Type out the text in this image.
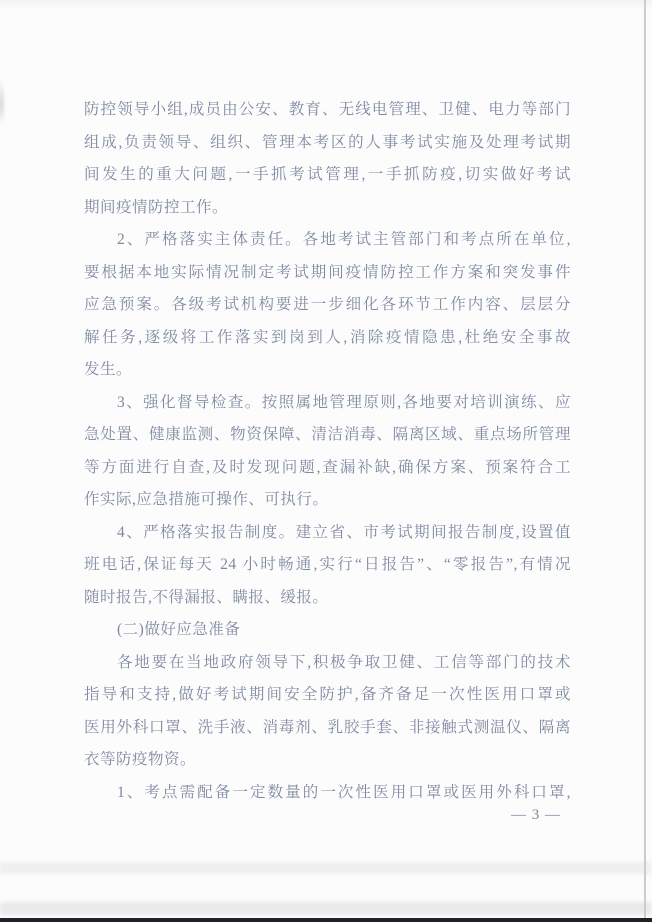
防控领导小组,成员由公安、教育、无线电管理、卫健、电力等部门
组成,负责领导、组织、管理本考区的人事考试实施及处理考试期
间发生的重大问题,一手抓考试管理,一手抓防疫,切实做好考试
期间疫情防控工作。
2、严格落实主体责任。各地考试主管部门和考点所在单位,
要根据本地实际情况制定考试期间疫情防控工作方案和突发事件
应急预案。各级考试机构要进一步细化各环节工作内容、层层分
解任务,逐级将工作落实到岗到人,消除疫情隐患,杜绝安全事故
发生。
3、强化督导检查。按照属地管理原则,各地要对培训演练、应
急处置、健康监测、物资保障、清洁消毒、隔离区域、重点场所管理
等方面进行自查,及时发现问题,查漏补缺,确保方案、预案符合工
作实际,应急措施可操作、可执行。
4、严格落实报告制度。建立省、市考试期间报告制度,设置值
班电话,保证每天 24 小时畅通,实行“日报告”、“零报告”,有情况
随时报告,不得漏报、瞒报、缓报。
(二)做好应急准备
各地要在当地政府领导下,积极争取卫健、工信等部门的技术
指导和支持,做好考试期间安全防护,备齐备足一次性医用口罩或
医用外科口罩、洗手液、消毒剂、乳胶手套、非接触式测温仪、隔离
衣等防疫物资。
1、考点需配备一定数量的一次性医用口罩或医用外科口罩,
— 3 —
